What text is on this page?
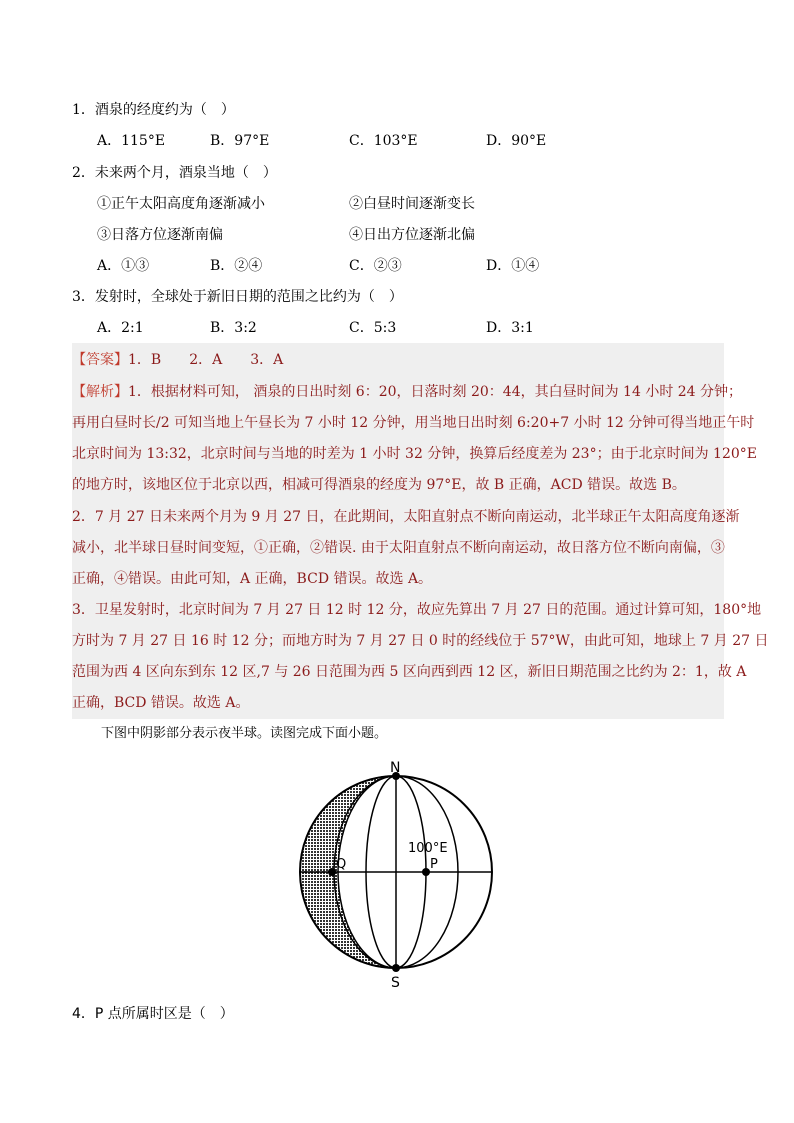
1．酒泉的经度约为（　）
A．115°E	B．97°E	C．103°E	D．90°E
2．未来两个月，酒泉当地（　）
①正午太阳高度角逐渐减小	②白昼时间逐渐变长
③日落方位逐渐南偏	④日出方位逐渐北偏
A．①③	B．②④	C．②③	D．①④
3．发射时，全球处于新旧日期的范围之比约为（　）
A．2:1	B．3:2	C．5:3	D．3:1
【答案】1．B　　2．A　　3．A
【解析】1．根据材料可知， 酒泉的日出时刻 6：20，日落时刻 20：44，其白昼时间为 14 小时 24 分钟；
再用白昼时长/2 可知当地上午昼长为 7 小时 12 分钟，用当地日出时刻 6:20+7 小时 12 分钟可得当地正午时
北京时间为 13:32，北京时间与当地的时差为 1 小时 32 分钟，换算后经度差为 23°；由于北京时间为 120°E
的地方时，该地区位于北京以西，相减可得酒泉的经度为 97°E，故 B 正确，ACD 错误。故选 B。
2．7 月 27 日未来两个月为 9 月 27 日，在此期间，太阳直射点不断向南运动，北半球正午太阳高度角逐渐
减小，北半球日昼时间变短，①正确，②错误. 由于太阳直射点不断向南运动，故日落方位不断向南偏，③
正确，④错误。由此可知，A 正确，BCD 错误。故选 A。
3．卫星发射时，北京时间为 7 月 27 日 12 时 12 分，故应先算出 7 月 27 日的范围。通过计算可知，180°地
方时为 7 月 27 日 16 时 12 分；而地方时为 7 月 27 日 0 时的经线位于 57°W，由此可知，地球上 7 月 27 日
范围为西 4 区向东到东 12 区,7 与 26 日范围为西 5 区向西到西 12 区，新旧日期范围之比约为 2：1，故 A
正确，BCD 错误。故选 A。
下图中阴影部分表示夜半球。读图完成下面小题。
N
S
100°E
P
Q
4．P 点所属时区是（　）
